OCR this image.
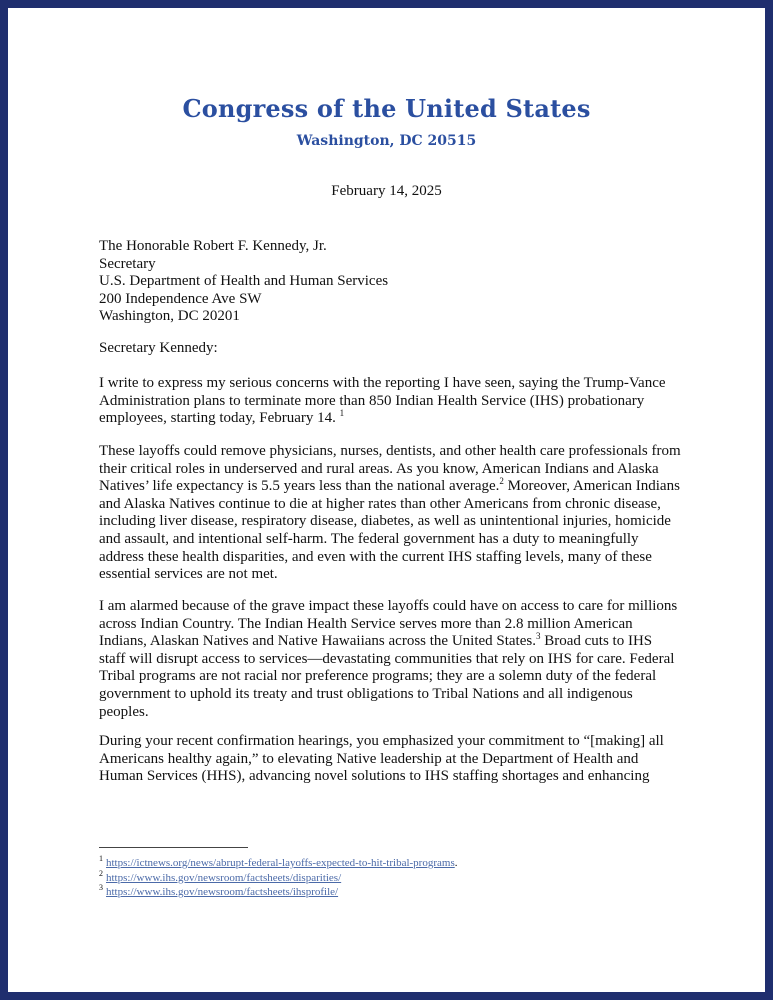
Congress of the United States
Washington, DC 20515
February 14, 2025
The Honorable Robert F. Kennedy, Jr.
Secretary
U.S. Department of Health and Human Services
200 Independence Ave SW
Washington, DC 20201
Secretary Kennedy:
I write to express my serious concerns with the reporting I have seen, saying the Trump-Vance
Administration plans to terminate more than 850 Indian Health Service (IHS) probationary
employees, starting today, February 14. $^1$
These layoffs could remove physicians, nurses, dentists, and other health care professionals from
their critical roles in underserved and rural areas. As you know, American Indians and Alaska
Natives’ life expectancy is 5.5 years less than the national average.$^2$ Moreover, American Indians
and Alaska Natives continue to die at higher rates than other Americans from chronic disease,
including liver disease, respiratory disease, diabetes, as well as unintentional injuries, homicide
and assault, and intentional self-harm. The federal government has a duty to meaningfully
address these health disparities, and even with the current IHS staffing levels, many of these
essential services are not met.
I am alarmed because of the grave impact these layoffs could have on access to care for millions
across Indian Country. The Indian Health Service serves more than 2.8 million American
Indians, Alaskan Natives and Native Hawaiians across the United States.$^3$ Broad cuts to IHS
staff will disrupt access to services—devastating communities that rely on IHS for care. Federal
Tribal programs are not racial nor preference programs; they are a solemn duty of the federal
government to uphold its treaty and trust obligations to Tribal Nations and all indigenous
peoples.
During your recent confirmation hearings, you emphasized your commitment to “[making] all
Americans healthy again,” to elevating Native leadership at the Department of Health and
Human Services (HHS), advancing novel solutions to IHS staffing shortages and enhancing
$^1$ https://ictnews.org/news/abrupt-federal-layoffs-expected-to-hit-tribal-programs.
$^2$ https://www.ihs.gov/newsroom/factsheets/disparities/
$^3$ https://www.ihs.gov/newsroom/factsheets/ihsprofile/
